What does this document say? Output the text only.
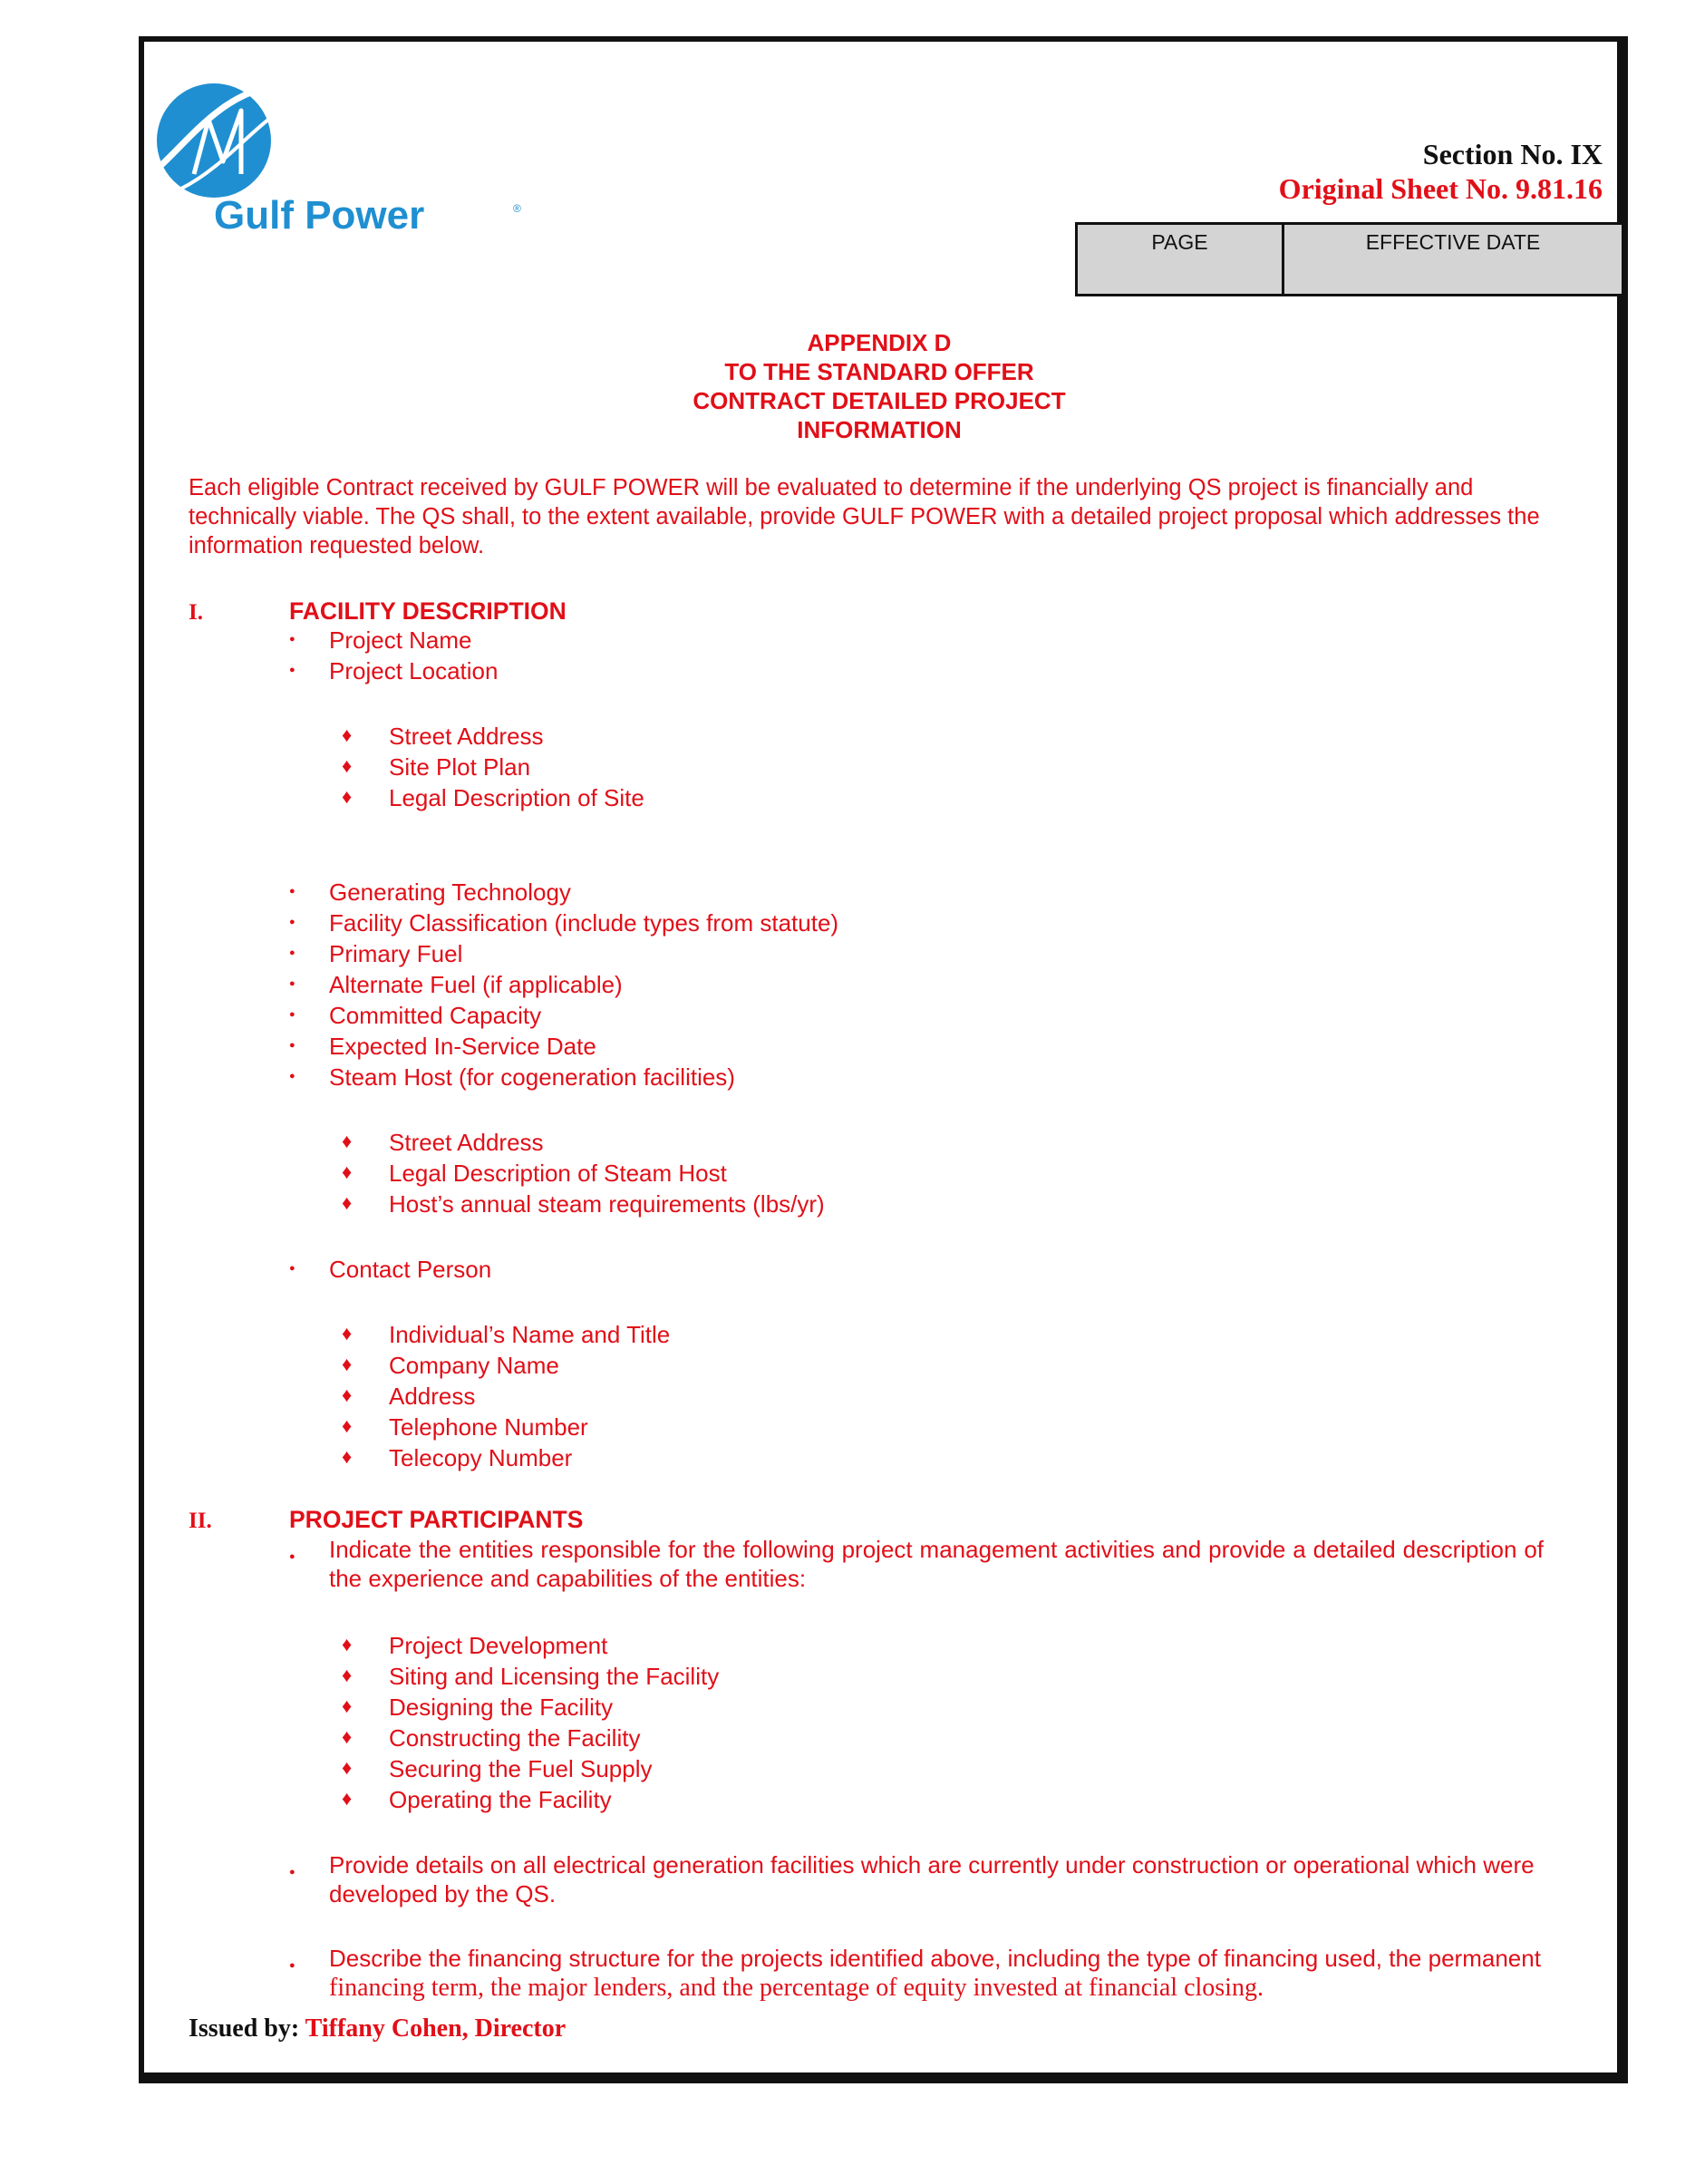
Gulf Power	®
Section No. IX
Original Sheet No. 9.81.16
PAGE	EFFECTIVE DATE
APPENDIX D
TO THE STANDARD OFFER
CONTRACT DETAILED PROJECT
INFORMATION
Each eligible Contract received by GULF POWER will be evaluated to determine if the underlying QS project is financially and technically viable. The QS shall, to the extent available, provide GULF POWER with a detailed project proposal which addresses the information requested below.
I.	FACILITY DESCRIPTION
● Project Name
● Project Location
♦ Street Address
♦ Site Plot Plan
♦ Legal Description of Site
● Generating Technology
● Facility Classification (include types from statute)
● Primary Fuel
● Alternate Fuel (if applicable)
● Committed Capacity
● Expected In-Service Date
● Steam Host (for cogeneration facilities)
♦ Street Address
♦ Legal Description of Steam Host
♦ Host’s annual steam requirements (lbs/yr)
● Contact Person
♦ Individual’s Name and Title
♦ Company Name
♦ Address
♦ Telephone Number
♦ Telecopy Number
II.	PROJECT PARTICIPANTS
● Indicate the entities responsible for the following project management activities and provide a detailed description of the experience and capabilities of the entities:
♦ Project Development
♦ Siting and Licensing the Facility
♦ Designing the Facility
♦ Constructing the Facility
♦ Securing the Fuel Supply
♦ Operating the Facility
● Provide details on all electrical generation facilities which are currently under construction or operational which were developed by the QS.
● Describe the financing structure for the projects identified above, including the type of financing used, the permanent financing term, the major lenders, and the percentage of equity invested at financial closing.
Issued by: Tiffany Cohen, Director
